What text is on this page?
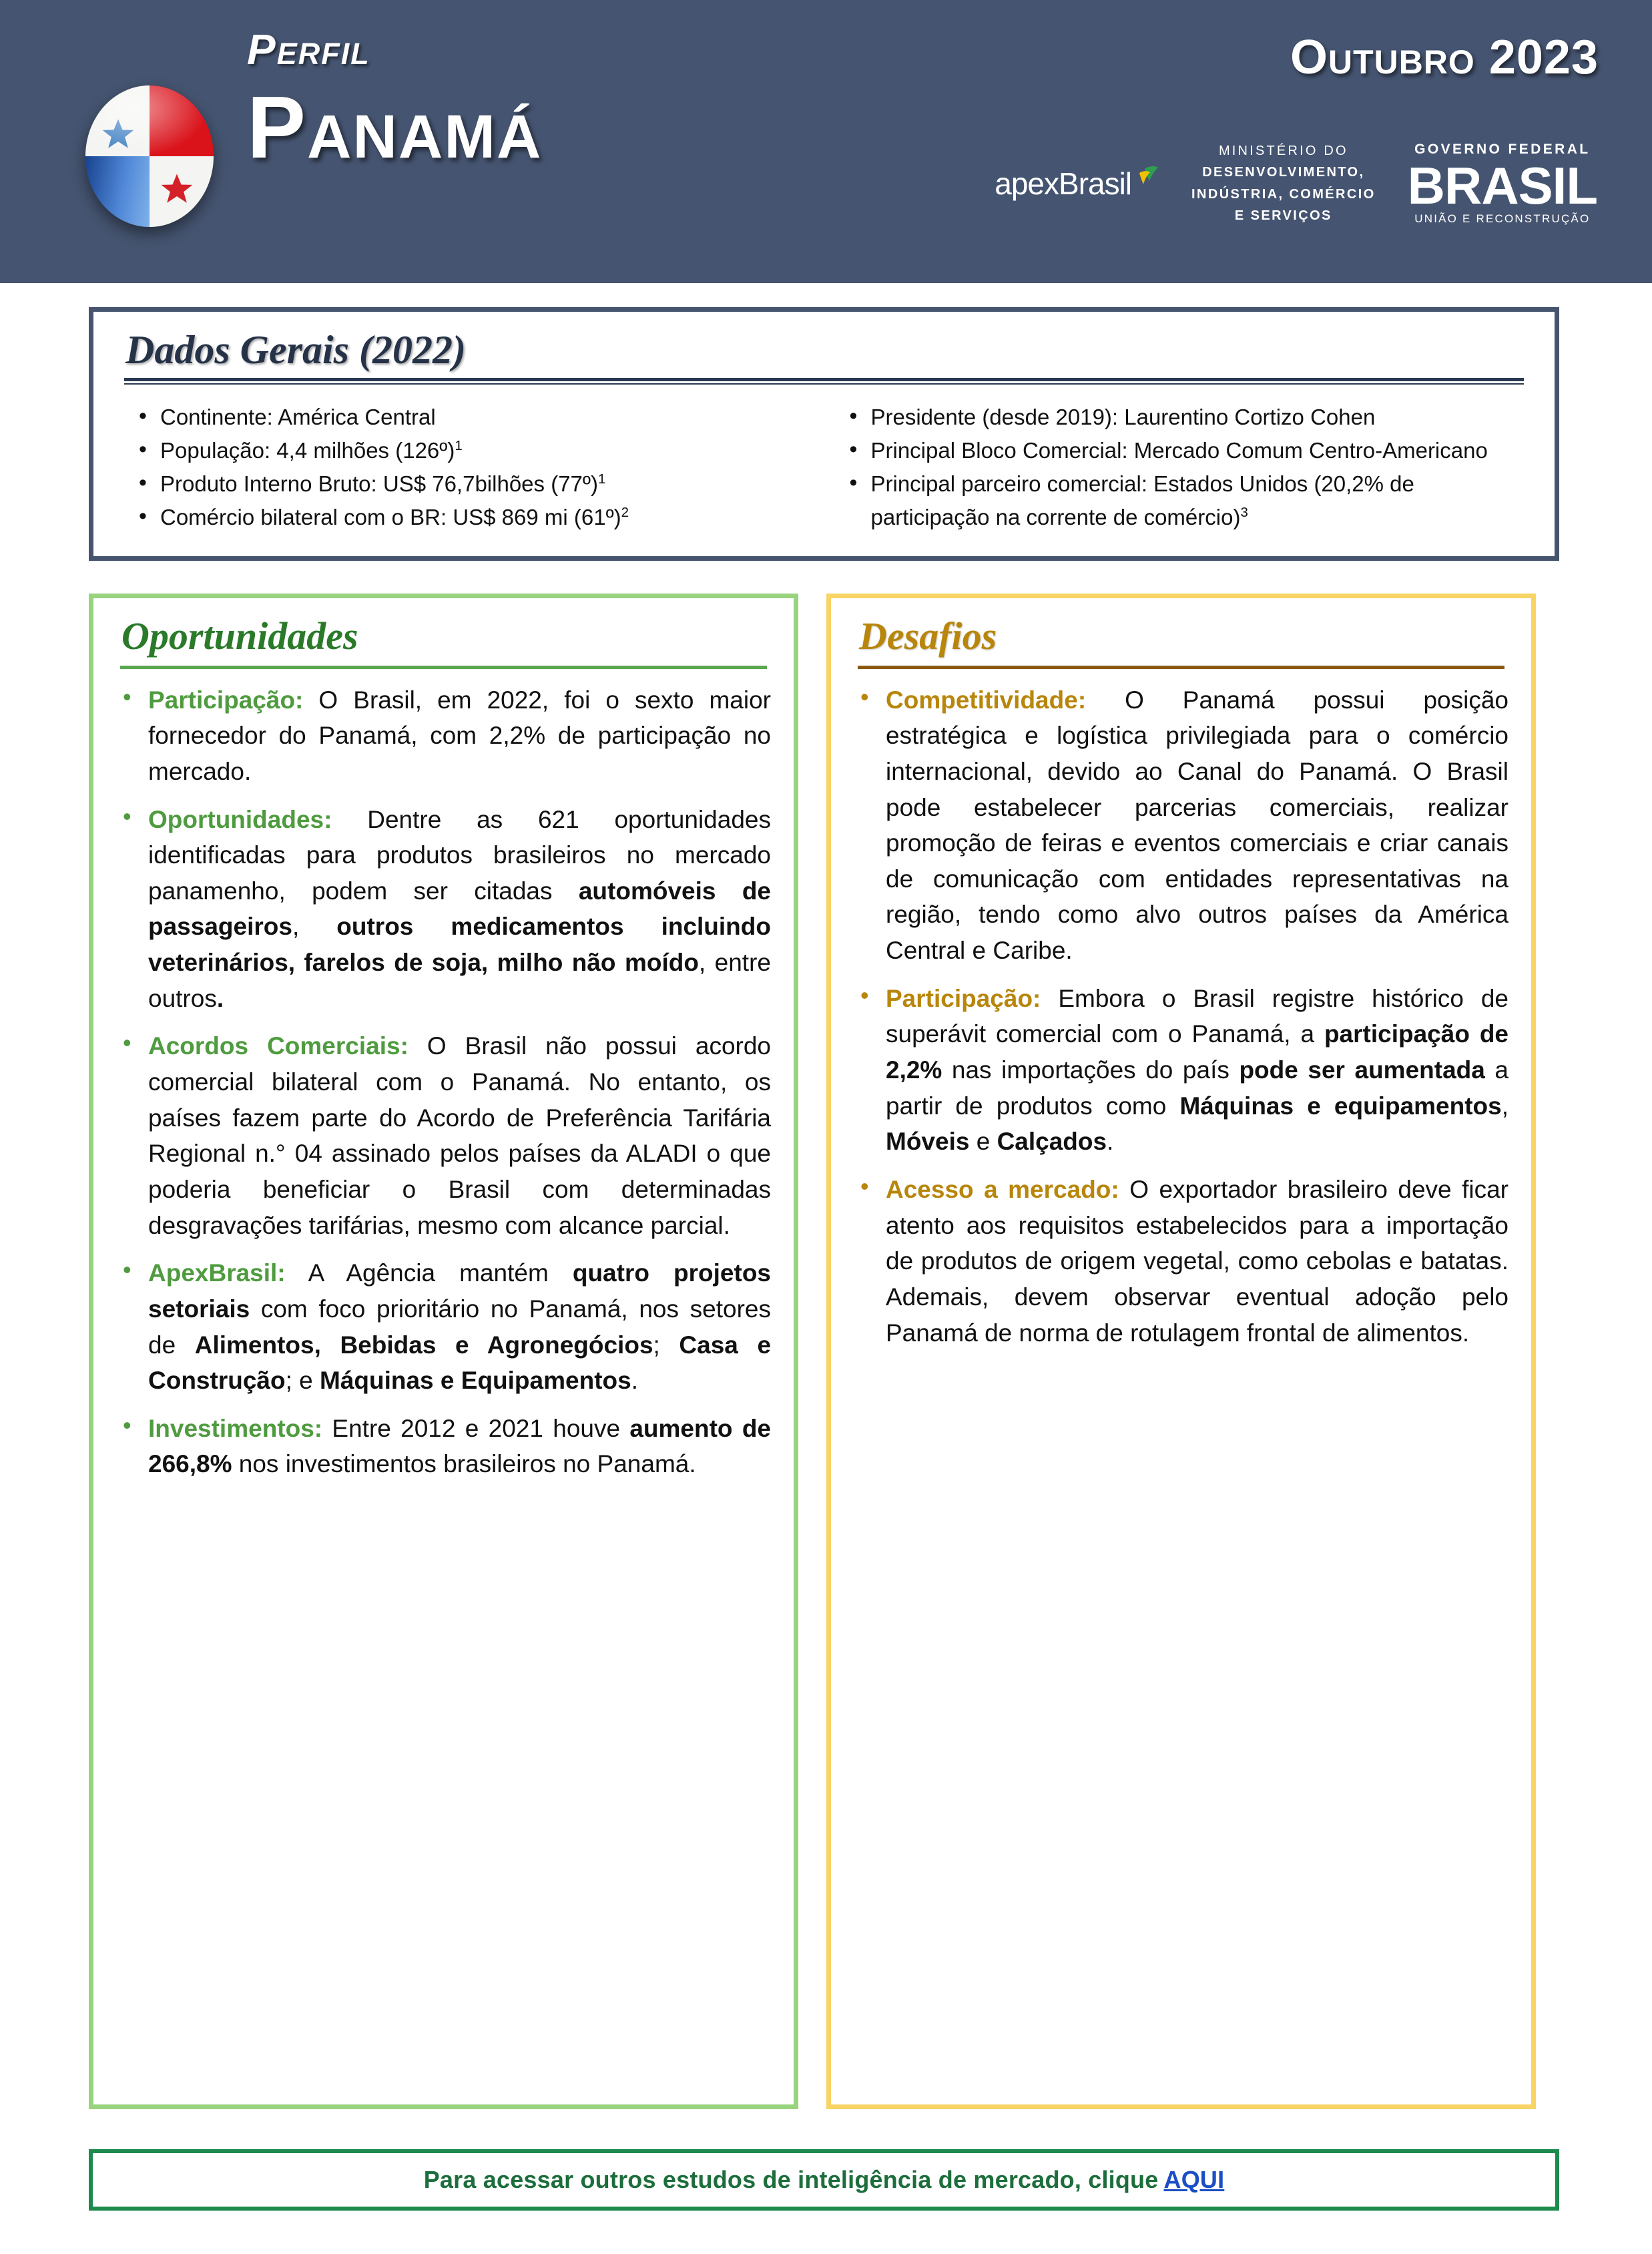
Perfil
Panamá
Outubro 2023
apexBrasil
MINISTÉRIO DO
DESENVOLVIMENTO,
INDÚSTRIA, COMÉRCIO
E SERVIÇOS
GOVERNO FEDERAL
BRASIL
UNIÃO E RECONSTRUÇÃO
Dados Gerais (2022)
• Continente: América Central
• População: 4,4 milhões (126º)$^1$
• Produto Interno Bruto: US$ 76,7bilhões (77º)$^1$
• Comércio bilateral com o BR: US$ 869 mi (61º)$^2$
• Presidente (desde 2019): Laurentino Cortizo Cohen
• Principal Bloco Comercial: Mercado Comum Centro-Americano
• Principal parceiro comercial: Estados Unidos (20,2% de participação na corrente de comércio)$^3$
Oportunidades
• Participação: O Brasil, em 2022, foi o sexto maior fornecedor do Panamá, com 2,2% de participação no mercado.
• Oportunidades: Dentre as 621 oportunidades identificadas para produtos brasileiros no mercado panamenho, podem ser citadas automóveis de passageiros, outros medicamentos incluindo veterinários, farelos de soja, milho não moído, entre outros.
• Acordos Comerciais: O Brasil não possui acordo comercial bilateral com o Panamá. No entanto, os países fazem parte do Acordo de Preferência Tarifária Regional n.° 04 assinado pelos países da ALADI o que poderia beneficiar o Brasil com determinadas desgravações tarifárias, mesmo com alcance parcial.
• ApexBrasil: A Agência mantém quatro projetos setoriais com foco prioritário no Panamá, nos setores de Alimentos, Bebidas e Agronegócios; Casa e Construção; e Máquinas e Equipamentos.
• Investimentos: Entre 2012 e 2021 houve aumento de 266,8% nos investimentos brasileiros no Panamá.
Desafios
• Competitividade: O Panamá possui posição estratégica e logística privilegiada para o comércio internacional, devido ao Canal do Panamá. O Brasil pode estabelecer parcerias comerciais, realizar promoção de feiras e eventos comerciais e criar canais de comunicação com entidades representativas na região, tendo como alvo outros países da América Central e Caribe.
• Participação: Embora o Brasil registre histórico de superávit comercial com o Panamá, a participação de 2,2% nas importações do país pode ser aumentada a partir de produtos como Máquinas e equipamentos, Móveis e Calçados.
• Acesso a mercado: O exportador brasileiro deve ficar atento aos requisitos estabelecidos para a importação de produtos de origem vegetal, como cebolas e batatas. Ademais, devem observar eventual adoção pelo Panamá de norma de rotulagem frontal de alimentos.
Para acessar outros estudos de inteligência de mercado, clique AQUI
